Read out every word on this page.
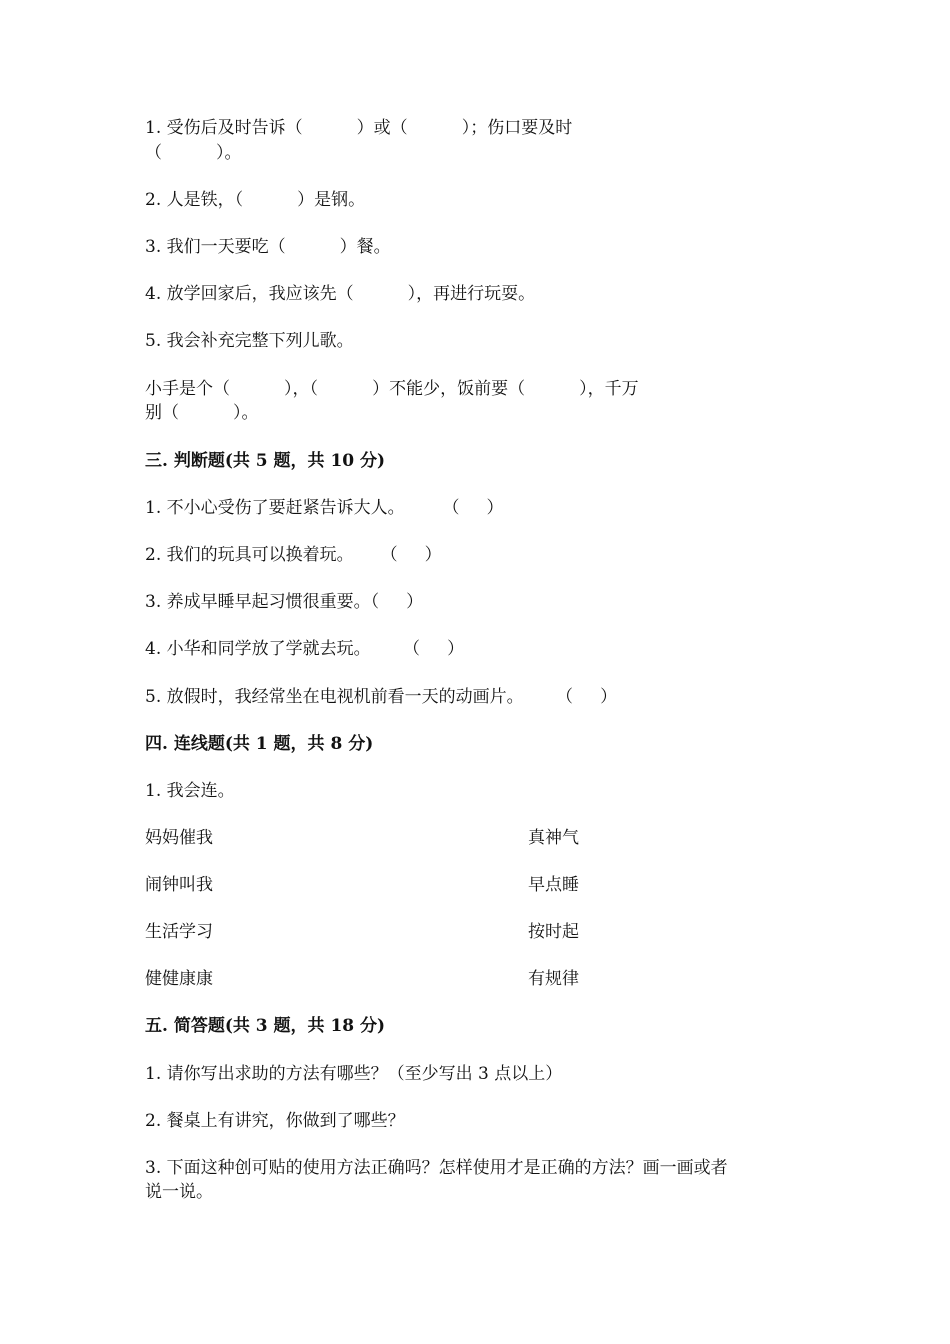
1. 受伤后及时告诉（          ）或（          ）；伤口要及时
（          ）。
2. 人是铁，（          ）是钢。
3. 我们一天要吃（          ）餐。
4. 放学回家后，我应该先（          ），再进行玩耍。
5. 我会补充完整下列儿歌。
小手是个（          ），（          ）不能少，饭前要（          ），千万
别（          ）。
三. 判断题(共 5 题，共 10 分)
1. 不小心受伤了要赶紧告诉大人。       （     ）
2. 我们的玩具可以换着玩。     （     ）
3. 养成早睡早起习惯很重要。（     ）
4. 小华和同学放了学就去玩。      （     ）
5. 放假时，我经常坐在电视机前看一天的动画片。      （     ）
四. 连线题(共 1 题，共 8 分)
1. 我会连。
妈妈催我	真神气
闹钟叫我	早点睡
生活学习	按时起
健健康康	有规律
五. 简答题(共 3 题，共 18 分)
1. 请你写出求助的方法有哪些？（至少写出 3 点以上）
2. 餐桌上有讲究，你做到了哪些？
3. 下面这种创可贴的使用方法正确吗？怎样使用才是正确的方法？画一画或者
说一说。
